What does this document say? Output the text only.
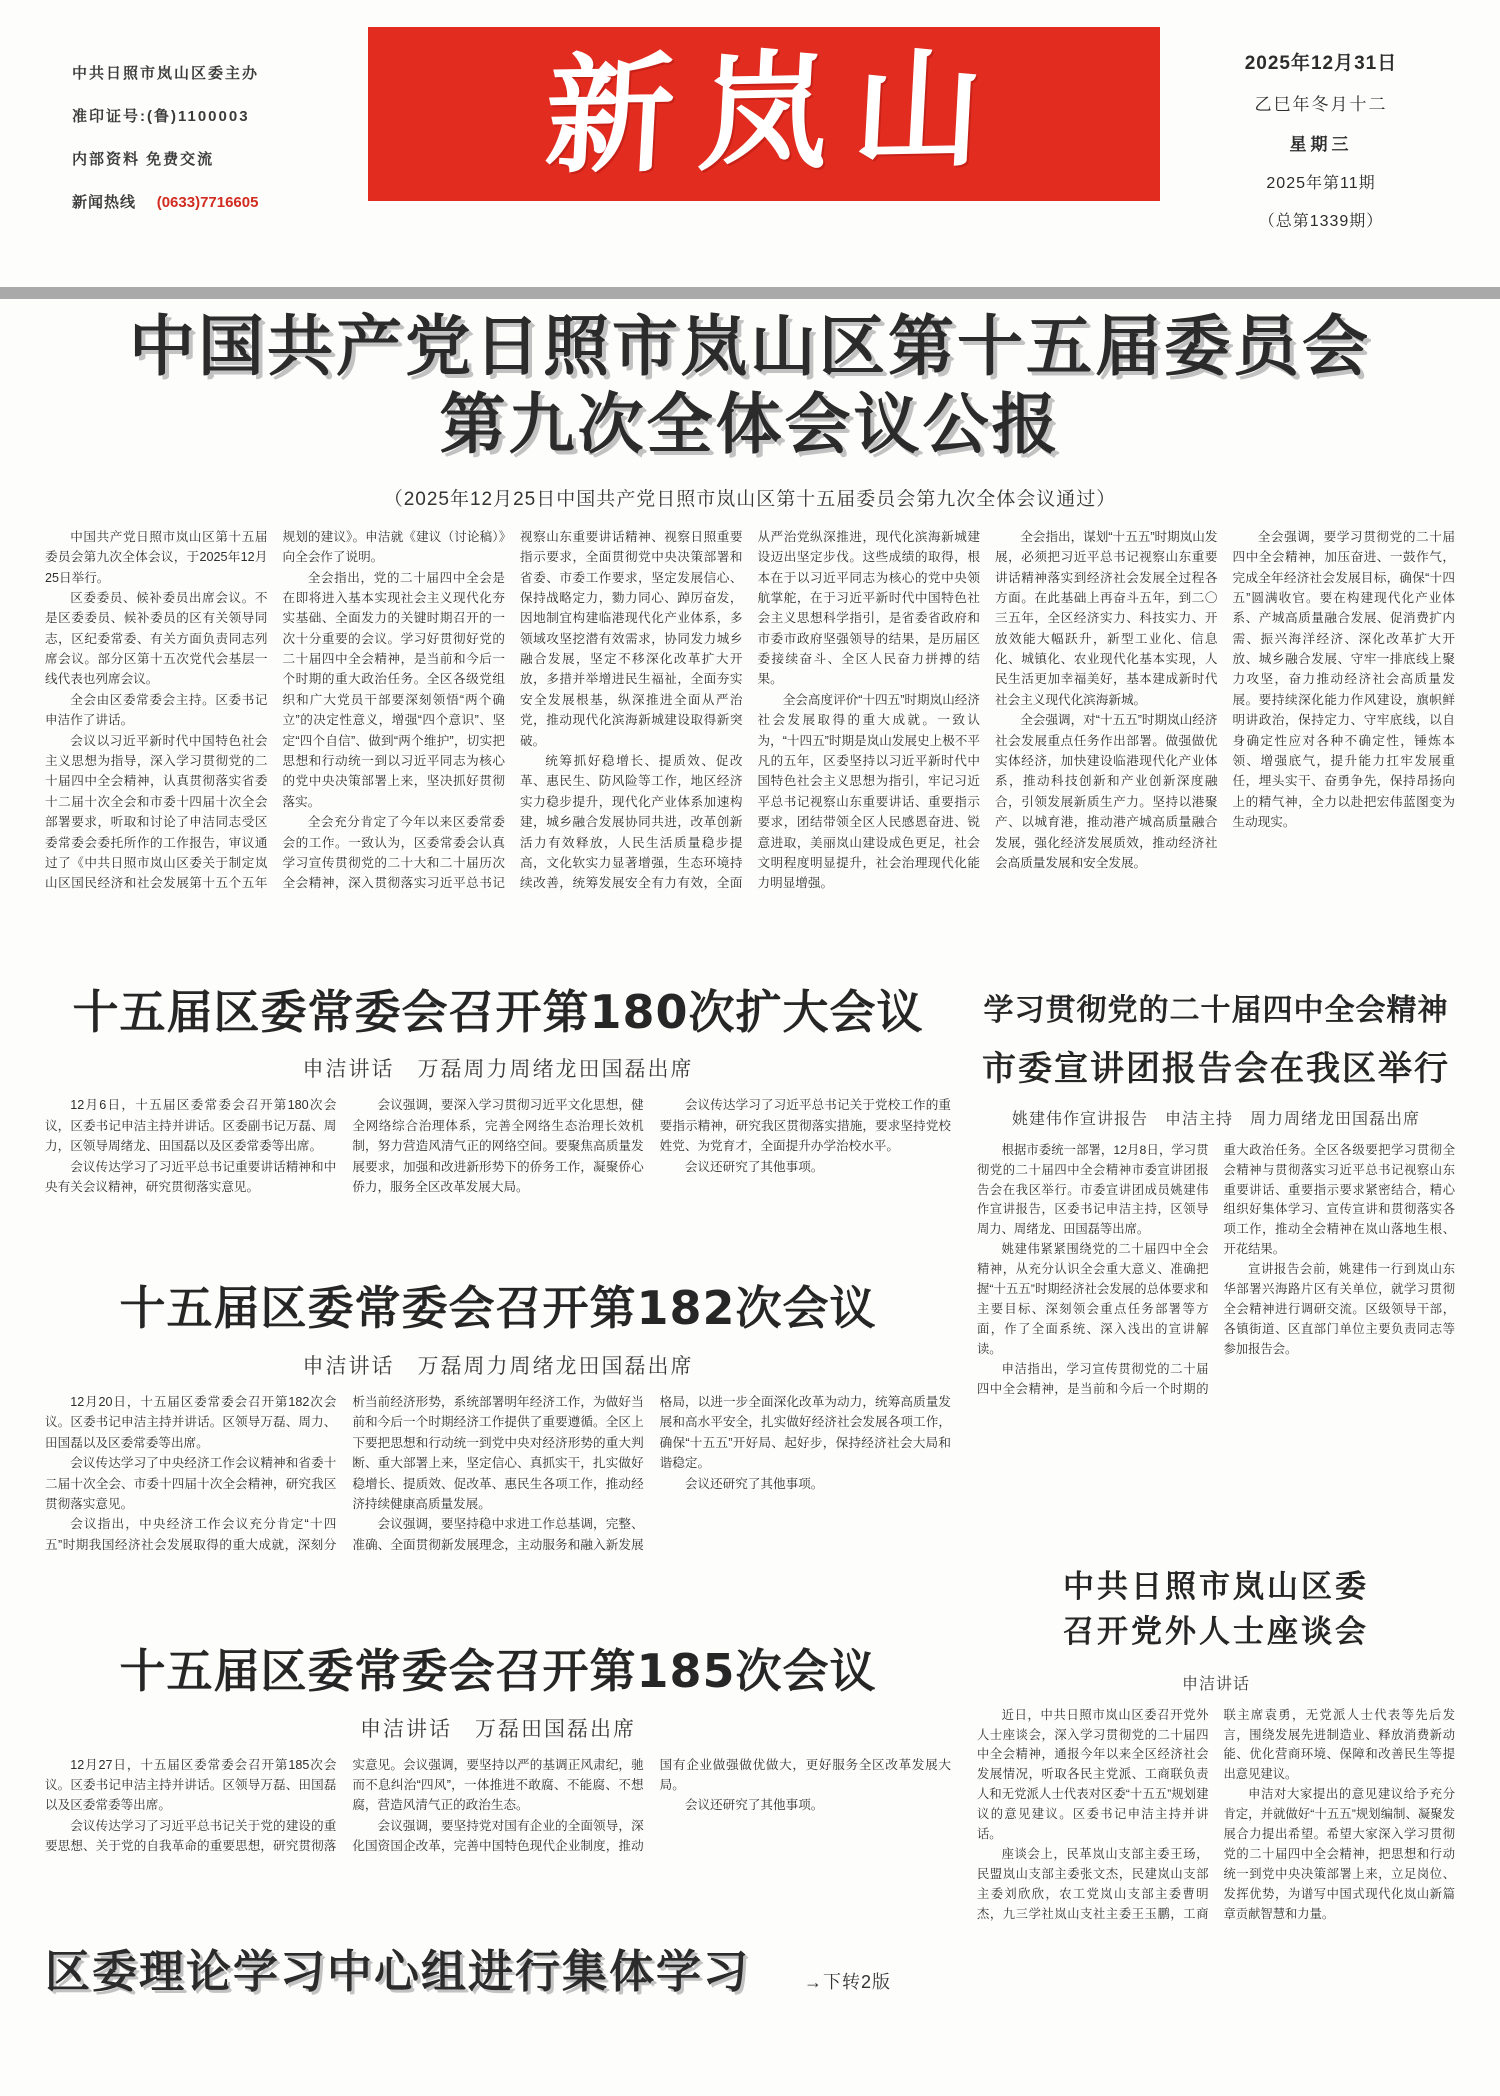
中共日照市岚山区委主办
准印证号:(鲁)1100003
内部资料 免费交流
新闻热线 (0633)7716605
新岚山	2025年12月31日
乙巳年冬月十二
星期三
2025年第11期
（总第1339期）
中国共产党日照市岚山区第十五届委员会
第九次全体会议公报
（2025年12月25日中国共产党日照市岚山区第十五届委员会第九次全体会议通过）

中国共产党日照市岚山区第十五届委员会第九次全体会议，于2025年12月25日举行。

区委委员、候补委员出席会议。不是区委委员、候补委员的区有关领导同志，区纪委常委、有关方面负责同志列席会议。部分区第十五次党代会基层一线代表也列席会议。

全会由区委常委会主持。区委书记申洁作了讲话。

会议以习近平新时代中国特色社会主义思想为指导，深入学习贯彻党的二十届四中全会精神，认真贯彻落实省委十二届十次全会和市委十四届十次全会部署要求，听取和讨论了申洁同志受区委常委会委托所作的工作报告，审议通过了《中共日照市岚山区委关于制定岚山区国民经济和社会发展第十五个五年规划的建议》。申洁就《建议（讨论稿）》向全会作了说明。

全会指出，党的二十届四中全会是在即将进入基本实现社会主义现代化夯实基础、全面发力的关键时期召开的一次十分重要的会议。学习好贯彻好党的二十届四中全会精神，是当前和今后一个时期的重大政治任务。全区各级党组织和广大党员干部要深刻领悟“两个确立”的决定性意义，增强“四个意识”、坚定“四个自信”、做到“两个维护”，切实把思想和行动统一到以习近平同志为核心的党中央决策部署上来，坚决抓好贯彻落实。

全会充分肯定了今年以来区委常委会的工作。一致认为，区委常委会认真学习宣传贯彻党的二十大和二十届历次全会精神，深入贯彻落实习近平总书记视察山东重要讲话精神、视察日照重要指示要求，全面贯彻党中央决策部署和省委、市委工作要求，坚定发展信心、保持战略定力，勠力同心、踔厉奋发，因地制宜构建临港现代化产业体系，多领域攻坚挖潜有效需求，协同发力城乡融合发展，坚定不移深化改革扩大开放，多措并举增进民生福祉，全面夯实安全发展根基，纵深推进全面从严治党，推动现代化滨海新城建设取得新突破。

统筹抓好稳增长、提质效、促改革、惠民生、防风险等工作，地区经济实力稳步提升，现代化产业体系加速构建，城乡融合发展协同共进，改革创新活力有效释放，人民生活质量稳步提高，文化软实力显著增强，生态环境持续改善，统筹发展安全有力有效，全面从严治党纵深推进，现代化滨海新城建设迈出坚定步伐。这些成绩的取得，根本在于以习近平同志为核心的党中央领航掌舵，在于习近平新时代中国特色社会主义思想科学指引，是省委省政府和市委市政府坚强领导的结果，是历届区委接续奋斗、全区人民奋力拼搏的结果。

全会高度评价“十四五”时期岚山经济社会发展取得的重大成就。一致认为，“十四五”时期是岚山发展史上极不平凡的五年，区委坚持以习近平新时代中国特色社会主义思想为指引，牢记习近平总书记视察山东重要讲话、重要指示要求，团结带领全区人民感恩奋进、锐意进取，美丽岚山建设成色更足，社会文明程度明显提升，社会治理现代化能力明显增强。

全会指出，谋划“十五五”时期岚山发展，必须把习近平总书记视察山东重要讲话精神落实到经济社会发展全过程各方面。在此基础上再奋斗五年，到二〇三五年，全区经济实力、科技实力、开放效能大幅跃升，新型工业化、信息化、城镇化、农业现代化基本实现，人民生活更加幸福美好，基本建成新时代社会主义现代化滨海新城。

全会强调，对“十五五”时期岚山经济社会发展重点任务作出部署。做强做优实体经济，加快建设临港现代化产业体系，推动科技创新和产业创新深度融合，引领发展新质生产力。坚持以港聚产、以城育港，推动港产城高质量融合发展，强化经济发展质效，推动经济社会高质量发展和安全发展。

全会强调，要学习贯彻党的二十届四中全会精神，加压奋进、一鼓作气，完成全年经济社会发展目标，确保“十四五”圆满收官。要在构建现代化产业体系、产城高质量融合发展、促消费扩内需、振兴海洋经济、深化改革扩大开放、城乡融合发展、守牢一排底线上聚力攻坚，奋力推动经济社会高质量发展。要持续深化能力作风建设，旗帜鲜明讲政治，保持定力、守牢底线，以自身确定性应对各种不确定性，锤炼本领、增强底气，提升能力扛牢发展重任，埋头实干、奋勇争先，保持昂扬向上的精气神，全力以赴把宏伟蓝图变为生动现实。

十五届区委常委会召开第180次扩大会议
申洁讲话　万磊周力周绪龙田国磊出席

12月6日，十五届区委常委会召开第180次会议，区委书记申洁主持并讲话。区委副书记万磊、周力，区领导周绪龙、田国磊以及区委常委等出席。

会议传达学习了习近平总书记重要讲话精神和中央有关会议精神，研究贯彻落实意见。

会议强调，要深入学习贯彻习近平文化思想，健全网络综合治理体系，完善全网络生态治理长效机制，努力营造风清气正的网络空间。要聚焦高质量发展要求，加强和改进新形势下的侨务工作，凝聚侨心侨力，服务全区改革发展大局。

会议传达学习了习近平总书记关于党校工作的重要指示精神，研究我区贯彻落实措施，要求坚持党校姓党、为党育才，全面提升办学治校水平。

会议还研究了其他事项。

十五届区委常委会召开第182次会议
申洁讲话　万磊周力周绪龙田国磊出席

12月20日，十五届区委常委会召开第182次会议。区委书记申洁主持并讲话。区领导万磊、周力、田国磊以及区委常委等出席。

会议传达学习了中央经济工作会议精神和省委十二届十次全会、市委十四届十次全会精神，研究我区贯彻落实意见。

会议指出，中央经济工作会议充分肯定“十四五”时期我国经济社会发展取得的重大成就，深刻分析当前经济形势，系统部署明年经济工作，为做好当前和今后一个时期经济工作提供了重要遵循。全区上下要把思想和行动统一到党中央对经济形势的重大判断、重大部署上来，坚定信心、真抓实干，扎实做好稳增长、提质效、促改革、惠民生各项工作，推动经济持续健康高质量发展。

会议强调，要坚持稳中求进工作总基调，完整、准确、全面贯彻新发展理念，主动服务和融入新发展格局，以进一步全面深化改革为动力，统筹高质量发展和高水平安全，扎实做好经济社会发展各项工作，确保“十五五”开好局、起好步，保持经济社会大局和谐稳定。

会议还研究了其他事项。

十五届区委常委会召开第185次会议
申洁讲话　万磊田国磊出席

12月27日，十五届区委常委会召开第185次会议。区委书记申洁主持并讲话。区领导万磊、田国磊以及区委常委等出席。

会议传达学习了习近平总书记关于党的建设的重要思想、关于党的自我革命的重要思想，研究贯彻落实意见。会议强调，要坚持以严的基调正风肃纪，驰而不息纠治“四风”，一体推进不敢腐、不能腐、不想腐，营造风清气正的政治生态。

会议强调，要坚持党对国有企业的全面领导，深化国资国企改革，完善中国特色现代企业制度，推动国有企业做强做优做大，更好服务全区改革发展大局。

会议还研究了其他事项。

区委理论学习中心组进行集体学习	→下转2版
学习贯彻党的二十届四中全会精神
市委宣讲团报告会在我区举行
姚建伟作宣讲报告　申洁主持　周力周绪龙田国磊出席

根据市委统一部署，12月8日，学习贯彻党的二十届四中全会精神市委宣讲团报告会在我区举行。市委宣讲团成员姚建伟作宣讲报告，区委书记申洁主持，区领导周力、周绪龙、田国磊等出席。

姚建伟紧紧围绕党的二十届四中全会精神，从充分认识全会重大意义、准确把握“十五五”时期经济社会发展的总体要求和主要目标、深刻领会重点任务部署等方面，作了全面系统、深入浅出的宣讲解读。

申洁指出，学习宣传贯彻党的二十届四中全会精神，是当前和今后一个时期的重大政治任务。全区各级要把学习贯彻全会精神与贯彻落实习近平总书记视察山东重要讲话、重要指示要求紧密结合，精心组织好集体学习、宣传宣讲和贯彻落实各项工作，推动全会精神在岚山落地生根、开花结果。

宣讲报告会前，姚建伟一行到岚山东华部署兴海路片区有关单位，就学习贯彻全会精神进行调研交流。区级领导干部，各镇街道、区直部门单位主要负责同志等参加报告会。

中共日照市岚山区委
召开党外人士座谈会
申洁讲话

近日，中共日照市岚山区委召开党外人士座谈会，深入学习贯彻党的二十届四中全会精神，通报今年以来全区经济社会发展情况，听取各民主党派、工商联负责人和无党派人士代表对区委“十五五”规划建议的意见建议。区委书记申洁主持并讲话。

座谈会上，民革岚山支部主委王玚，民盟岚山支部主委张文杰，民建岚山支部主委刘欣欣，农工党岚山支部主委曹明杰，九三学社岚山支社主委王玉鹏，工商联主席袁勇，无党派人士代表等先后发言，围绕发展先进制造业、释放消费新动能、优化营商环境、保障和改善民生等提出意见建议。

申洁对大家提出的意见建议给予充分肯定，并就做好“十五五”规划编制、凝聚发展合力提出希望。希望大家深入学习贯彻党的二十届四中全会精神，把思想和行动统一到党中央决策部署上来，立足岗位、发挥优势，为谱写中国式现代化岚山新篇章贡献智慧和力量。
